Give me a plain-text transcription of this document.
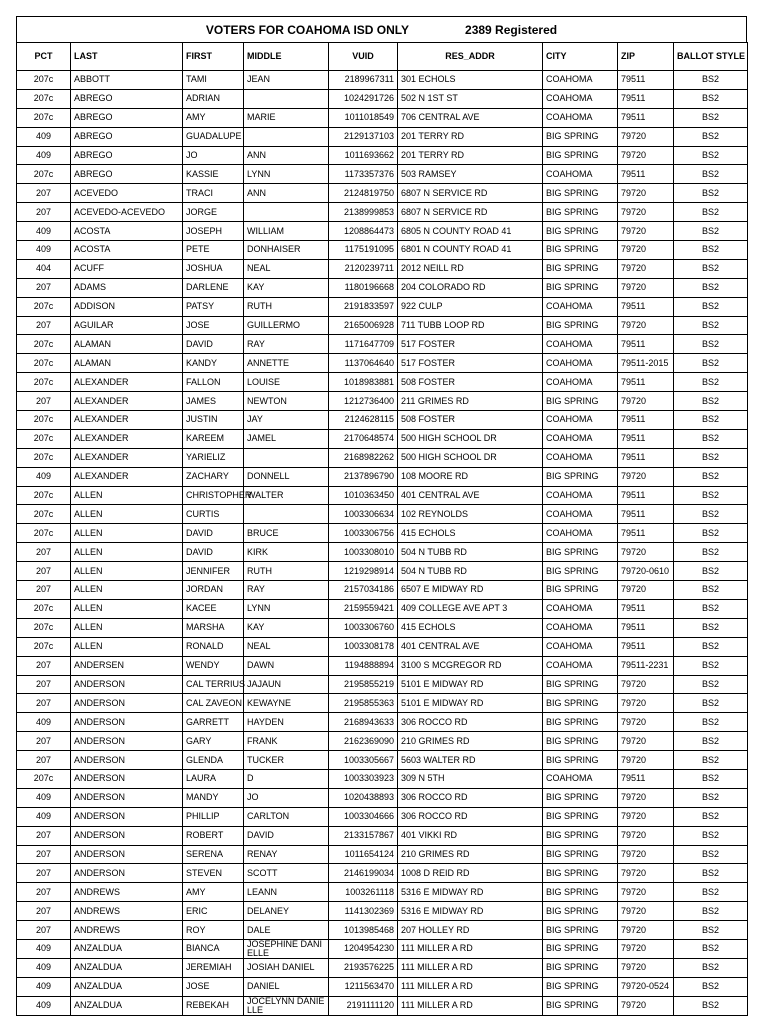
VOTERS FOR COAHOMA ISD ONLY	2389 Registered
PCT	LAST	FIRST	MIDDLE	VUID	RES_ADDR	CITY	ZIP	BALLOT STYLE
207c	ABBOTT	TAMI	JEAN	2189967311	301 ECHOLS	COAHOMA	79511	BS2
207c	ABREGO	ADRIAN		1024291726	502 N 1ST ST	COAHOMA	79511	BS2
207c	ABREGO	AMY	MARIE	1011018549	706 CENTRAL AVE	COAHOMA	79511	BS2
409	ABREGO	GUADALUPE		2129137103	201 TERRY RD	BIG SPRING	79720	BS2
409	ABREGO	JO	ANN	1011693662	201 TERRY RD	BIG SPRING	79720	BS2
207c	ABREGO	KASSIE	LYNN	1173357376	503 RAMSEY	COAHOMA	79511	BS2
207	ACEVEDO	TRACI	ANN	2124819750	6807 N SERVICE RD	BIG SPRING	79720	BS2
207	ACEVEDO-ACEVEDO	JORGE		2138999853	6807 N SERVICE RD	BIG SPRING	79720	BS2
409	ACOSTA	JOSEPH	WILLIAM	1208864473	6805 N COUNTY ROAD 41	BIG SPRING	79720	BS2
409	ACOSTA	PETE	DONHAISER	1175191095	6801 N COUNTY ROAD 41	BIG SPRING	79720	BS2
404	ACUFF	JOSHUA	NEAL	2120239711	2012 NEILL RD	BIG SPRING	79720	BS2
207	ADAMS	DARLENE	KAY	1180196668	204 COLORADO RD	BIG SPRING	79720	BS2
207c	ADDISON	PATSY	RUTH	2191833597	922 CULP	COAHOMA	79511	BS2
207	AGUILAR	JOSE	GUILLERMO	2165006928	711 TUBB LOOP RD	BIG SPRING	79720	BS2
207c	ALAMAN	DAVID	RAY	1171647709	517 FOSTER	COAHOMA	79511	BS2
207c	ALAMAN	KANDY	ANNETTE	1137064640	517 FOSTER	COAHOMA	79511-2015	BS2
207c	ALEXANDER	FALLON	LOUISE	1018983881	508 FOSTER	COAHOMA	79511	BS2
207	ALEXANDER	JAMES	NEWTON	1212736400	211 GRIMES RD	BIG SPRING	79720	BS2
207c	ALEXANDER	JUSTIN	JAY	2124628115	508 FOSTER	COAHOMA	79511	BS2
207c	ALEXANDER	KAREEM	JAMEL	2170648574	500 HIGH SCHOOL DR	COAHOMA	79511	BS2
207c	ALEXANDER	YARIELIZ		2168982262	500 HIGH SCHOOL DR	COAHOMA	79511	BS2
409	ALEXANDER	ZACHARY	DONNELL	2137896790	108 MOORE RD	BIG SPRING	79720	BS2
207c	ALLEN	CHRISTOPHER	WALTER	1010363450	401 CENTRAL AVE	COAHOMA	79511	BS2
207c	ALLEN	CURTIS		1003306634	102 REYNOLDS	COAHOMA	79511	BS2
207c	ALLEN	DAVID	BRUCE	1003306756	415 ECHOLS	COAHOMA	79511	BS2
207	ALLEN	DAVID	KIRK	1003308010	504 N TUBB RD	BIG SPRING	79720	BS2
207	ALLEN	JENNIFER	RUTH	1219298914	504 N TUBB RD	BIG SPRING	79720-0610	BS2
207	ALLEN	JORDAN	RAY	2157034186	6507 E MIDWAY RD	BIG SPRING	79720	BS2
207c	ALLEN	KACEE	LYNN	2159559421	409 COLLEGE AVE APT 3	COAHOMA	79511	BS2
207c	ALLEN	MARSHA	KAY	1003306760	415 ECHOLS	COAHOMA	79511	BS2
207c	ALLEN	RONALD	NEAL	1003308178	401 CENTRAL AVE	COAHOMA	79511	BS2
207	ANDERSEN	WENDY	DAWN	1194888894	3100 S MCGREGOR RD	COAHOMA	79511-2231	BS2
207	ANDERSON	CAL TERRIUS	JAJAUN	2195855219	5101 E MIDWAY RD	BIG SPRING	79720	BS2
207	ANDERSON	CAL ZAVEON	KEWAYNE	2195855363	5101 E MIDWAY RD	BIG SPRING	79720	BS2
409	ANDERSON	GARRETT	HAYDEN	2168943633	306 ROCCO RD	BIG SPRING	79720	BS2
207	ANDERSON	GARY	FRANK	2162369090	210 GRIMES RD	BIG SPRING	79720	BS2
207	ANDERSON	GLENDA	TUCKER	1003305667	5603 WALTER RD	BIG SPRING	79720	BS2
207c	ANDERSON	LAURA	D	1003303923	309 N 5TH	COAHOMA	79511	BS2
409	ANDERSON	MANDY	JO	1020438893	306 ROCCO RD	BIG SPRING	79720	BS2
409	ANDERSON	PHILLIP	CARLTON	1003304666	306 ROCCO RD	BIG SPRING	79720	BS2
207	ANDERSON	ROBERT	DAVID	2133157867	401 VIKKI RD	BIG SPRING	79720	BS2
207	ANDERSON	SERENA	RENAY	1011654124	210 GRIMES RD	BIG SPRING	79720	BS2
207	ANDERSON	STEVEN	SCOTT	2146199034	1008 D REID RD	BIG SPRING	79720	BS2
207	ANDREWS	AMY	LEANN	1003261118	5316 E MIDWAY RD	BIG SPRING	79720	BS2
207	ANDREWS	ERIC	DELANEY	1141302369	5316 E MIDWAY RD	BIG SPRING	79720	BS2
207	ANDREWS	ROY	DALE	1013985468	207 HOLLEY RD	BIG SPRING	79720	BS2
409	ANZALDUA	BIANCA	JOSEPHINE DANIELLE	1204954230	111 MILLER A RD	BIG SPRING	79720	BS2
409	ANZALDUA	JEREMIAH	JOSIAH DANIEL	2193576225	111 MILLER A RD	BIG SPRING	79720	BS2
409	ANZALDUA	JOSE	DANIEL	1211563470	111 MILLER A RD	BIG SPRING	79720-0524	BS2
409	ANZALDUA	REBEKAH	JOCELYNN DANIELLE	2191111120	111 MILLER A RD	BIG SPRING	79720	BS2
